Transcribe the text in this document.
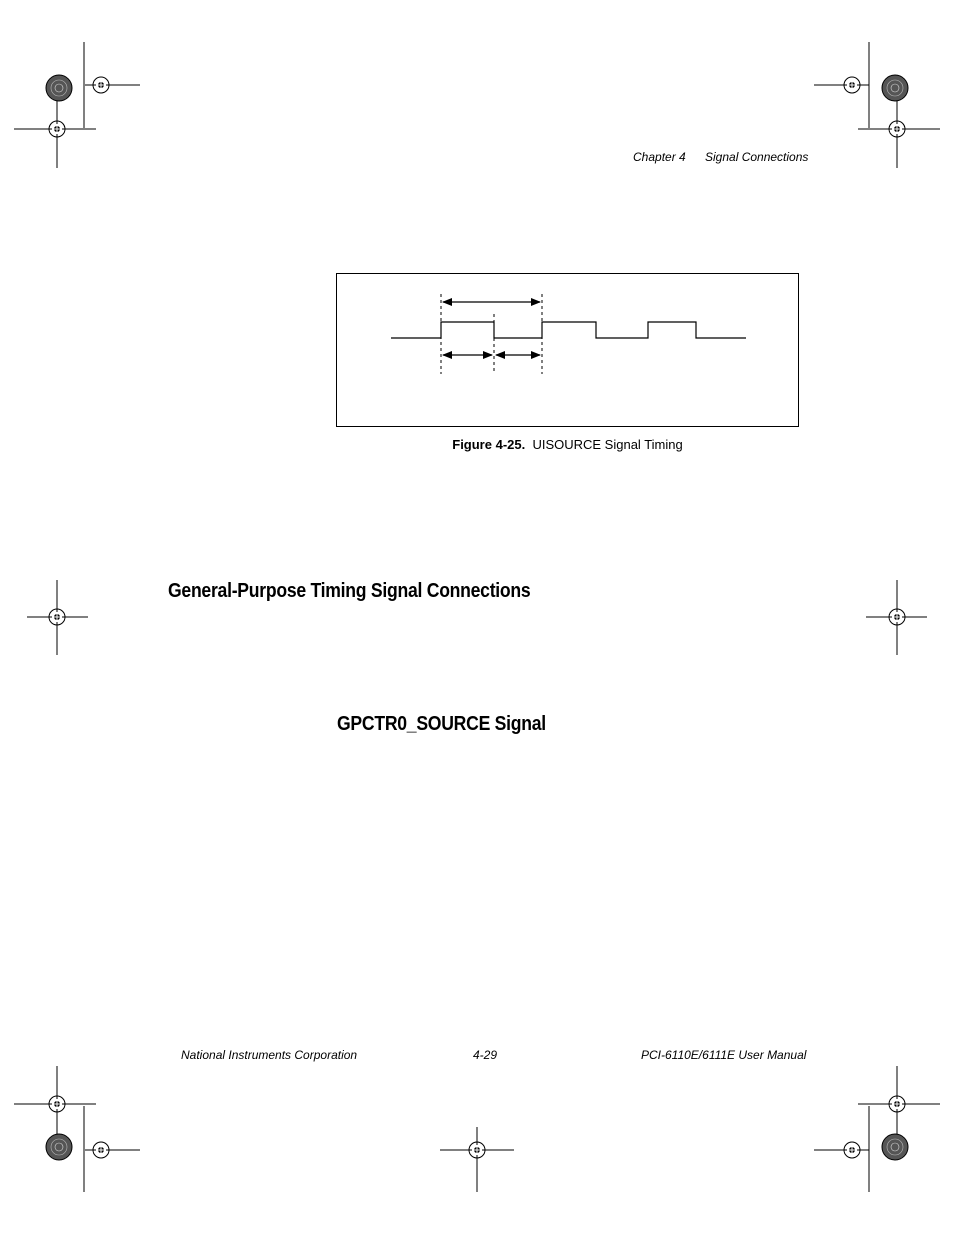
Chapter 4 Signal Connections
Figure 4-25. UISOURCE Signal Timing
General-Purpose Timing Signal Connections
GPCTR0_SOURCE Signal
National Instruments Corporation	4-29	PCI-6110E/6111E User Manual
